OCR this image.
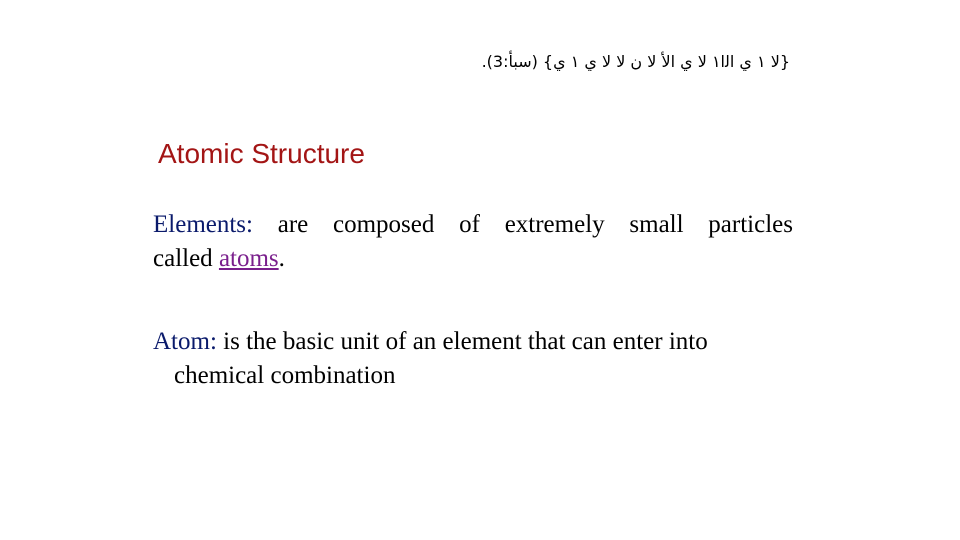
{لا ١ ي اﻟﺍ١ لا ي الأ لا ن لا لا ي ١ ي} (سبأ:3).
Atomic Structure
Elements: are composed of extremely small particles
called atoms.
Atom: is the basic unit of an element that can enter into
chemical combination
